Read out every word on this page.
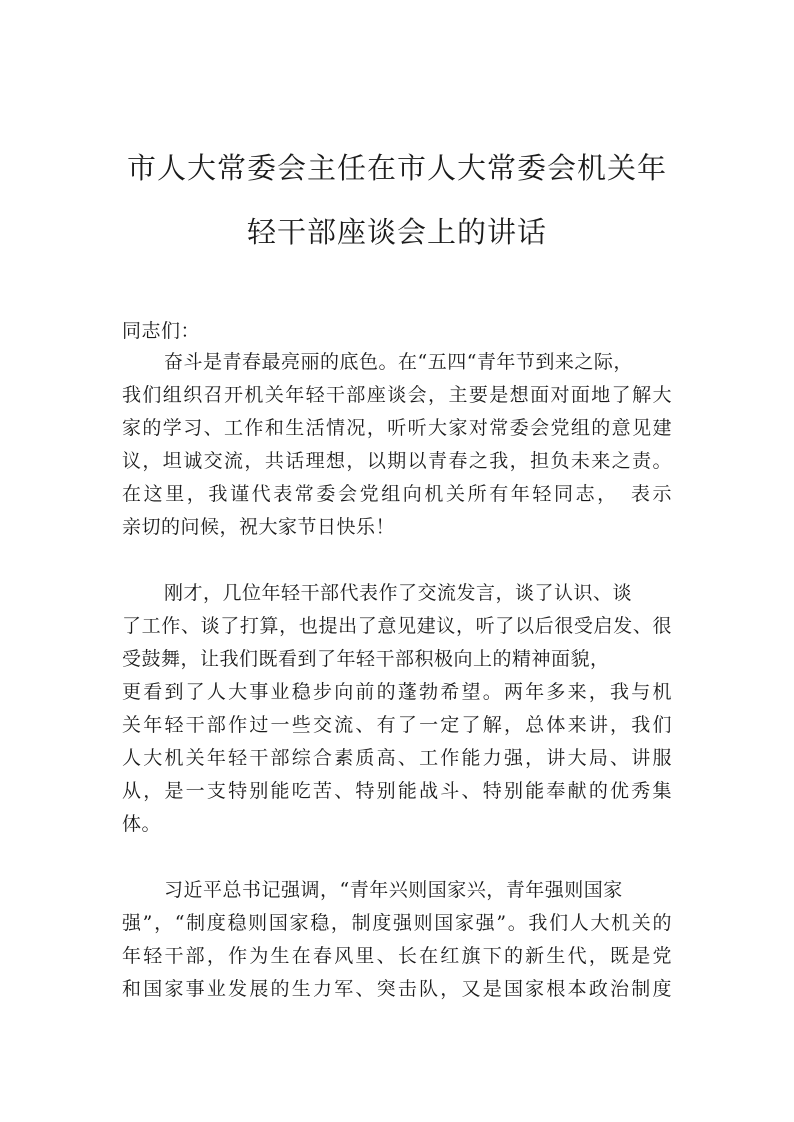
市人大常委会主任在市人大常委会机关年
轻干部座谈会上的讲话
同志们：
奋斗是青春最亮丽的底色。在“五四“青年节到来之际，
我们组织召开机关年轻干部座谈会，主要是想面对面地了解大
家的学习、工作和生活情况，听听大家对常委会党组的意见建
议，坦诚交流，共话理想，以期以青春之我，担负未来之责。
在这里，我谨代表常委会党组向机关所有年轻同志，　表示
亲切的问候，祝大家节日快乐！
刚才，几位年轻干部代表作了交流发言，谈了认识、谈
了工作、谈了打算，也提出了意见建议，听了以后很受启发、很
受鼓舞，让我们既看到了年轻干部积极向上的精神面貌，
更看到了人大事业稳步向前的蓬勃希望。两年多来，我与机
关年轻干部作过一些交流、有了一定了解，总体来讲，我们
人大机关年轻干部综合素质高、工作能力强，讲大局、讲服
从，是一支特别能吃苦、特别能战斗、特别能奉献的优秀集
体。
习近平总书记强调，“青年兴则国家兴，青年强则国家
强”，“制度稳则国家稳，制度强则国家强”。我们人大机关的
年轻干部，作为生在春风里、长在红旗下的新生代，既是党
和国家事业发展的生力军、突击队，又是国家根本政治制度
